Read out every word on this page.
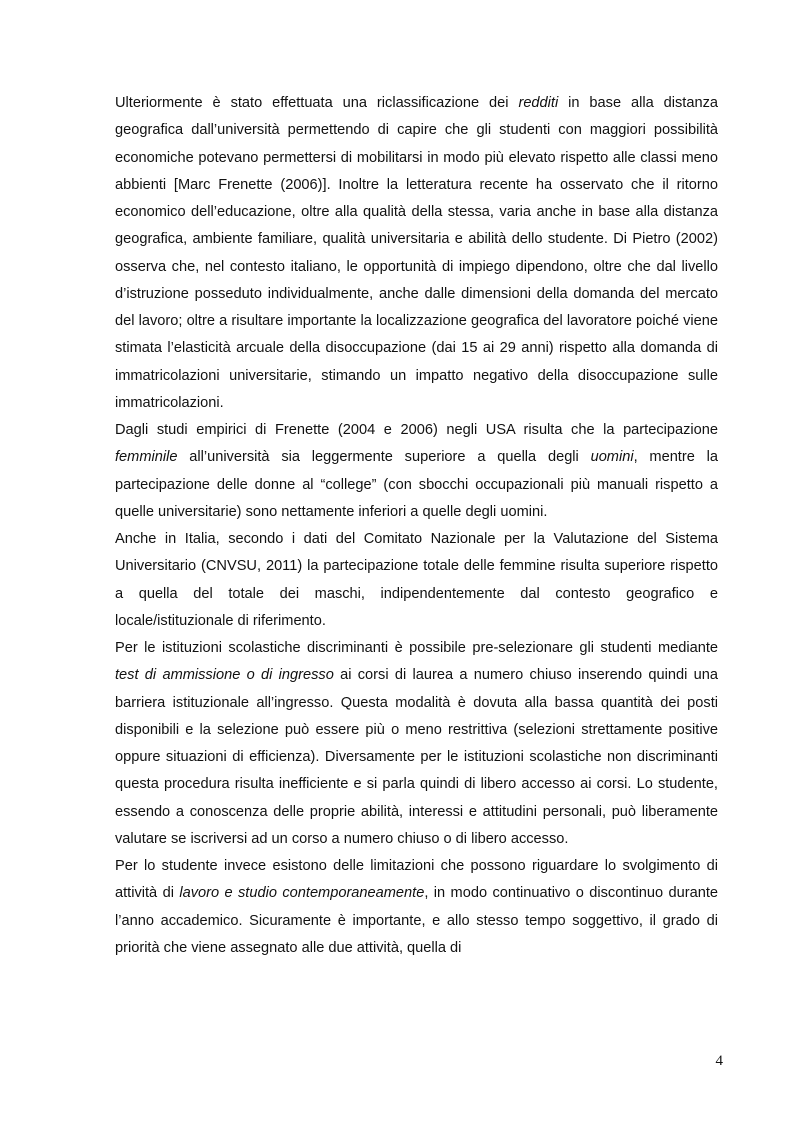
Ulteriormente è stato effettuata una riclassificazione dei redditi in base alla distanza geografica dall’università permettendo di capire che gli studenti con maggiori possibilità economiche potevano permettersi di mobilitarsi in modo più elevato rispetto alle classi meno abbienti [Marc Frenette (2006)]. Inoltre la letteratura recente ha osservato che il ritorno economico dell’educazione, oltre alla qualità della stessa, varia anche in base alla distanza geografica, ambiente familiare, qualità universitaria e abilità dello studente. Di Pietro (2002) osserva che, nel contesto italiano, le opportunità di impiego dipendono, oltre che dal livello d’istruzione posseduto individualmente, anche dalle dimensioni della domanda del mercato del lavoro; oltre a risultare importante la localizzazione geografica del lavoratore poiché viene stimata l’elasticità arcuale della disoccupazione (dai 15 ai 29 anni) rispetto alla domanda di immatricolazioni universitarie, stimando un impatto negativo della disoccupazione sulle immatricolazioni.

Dagli studi empirici di Frenette (2004 e 2006) negli USA risulta che la partecipazione femminile all’università sia leggermente superiore a quella degli uomini, mentre la partecipazione delle donne al “college” (con sbocchi occupazionali più manuali rispetto a quelle universitarie) sono nettamente inferiori a quelle degli uomini.

Anche in Italia, secondo i dati del Comitato Nazionale per la Valutazione del Sistema Universitario (CNVSU, 2011) la partecipazione totale delle femmine risulta superiore rispetto a quella del totale dei maschi, indipendentemente dal contesto geografico e locale/istituzionale di riferimento.

Per le istituzioni scolastiche discriminanti è possibile pre-selezionare gli studenti mediante test di ammissione o di ingresso ai corsi di laurea a numero chiuso inserendo quindi una barriera istituzionale all’ingresso. Questa modalità è dovuta alla bassa quantità dei posti disponibili e la selezione può essere più o meno restrittiva (selezioni strettamente positive oppure situazioni di efficienza). Diversamente per le istituzioni scolastiche non discriminanti questa procedura risulta inefficiente e si parla quindi di libero accesso ai corsi. Lo studente, essendo a conoscenza delle proprie abilità, interessi e attitudini personali, può liberamente valutare se iscriversi ad un corso a numero chiuso o di libero accesso.

Per lo studente invece esistono delle limitazioni che possono riguardare lo svolgimento di attività di lavoro e studio contemporaneamente, in modo continuativo o discontinuo durante l’anno accademico. Sicuramente è importante, e allo stesso tempo soggettivo, il grado di priorità che viene assegnato alle due attività, quella di

4
